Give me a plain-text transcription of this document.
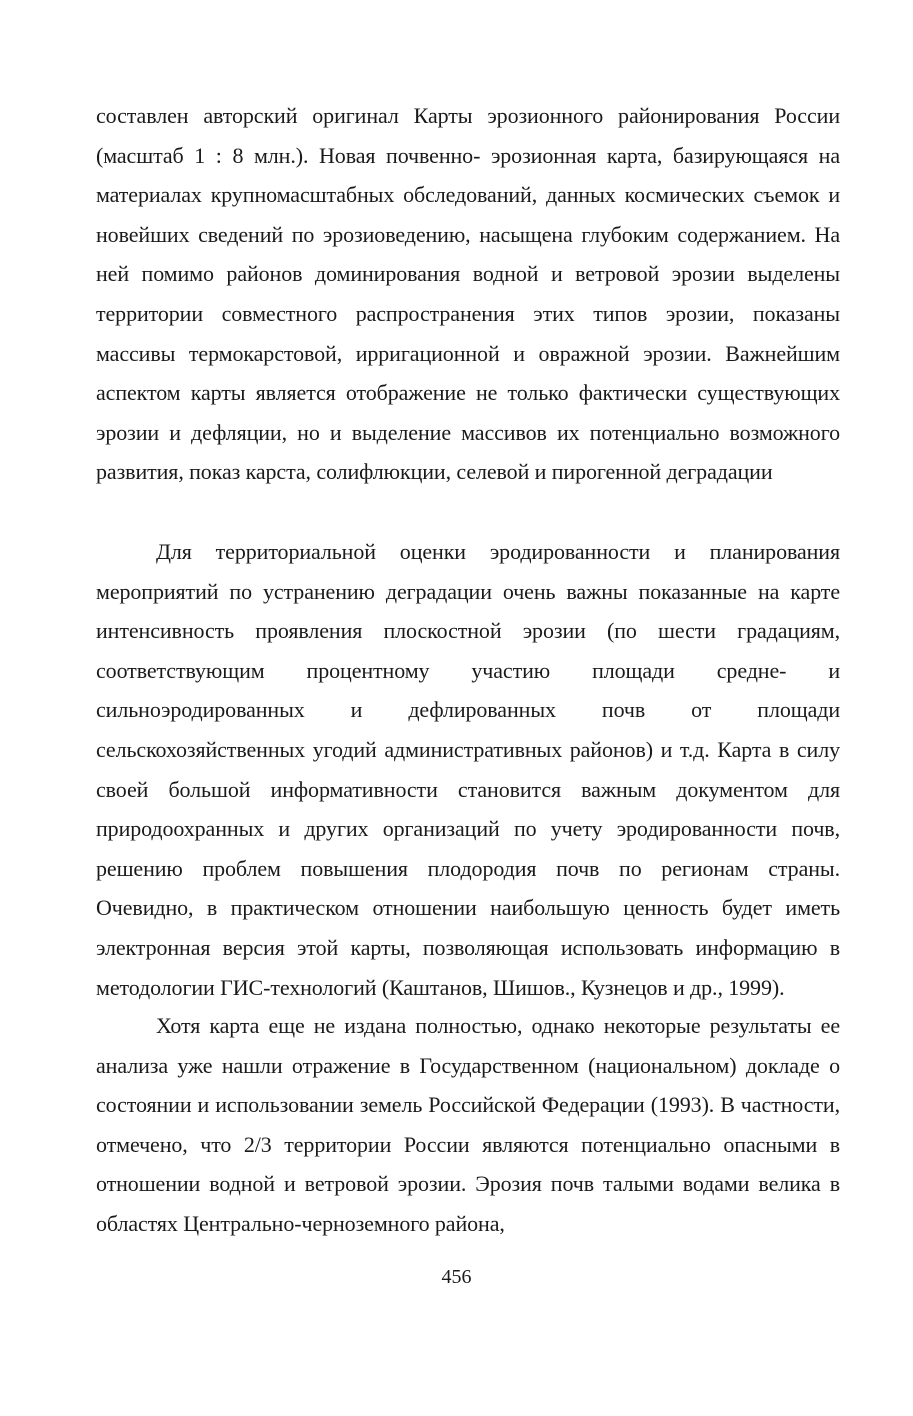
составлен авторский оригинал Карты эрозионного районирования России (масштаб 1 : 8 млн.). Новая почвенно- эрозионная карта, базирующаяся на материалах крупномасштабных обследований, данных космических съемок и новейших сведений по эрозиоведению, насыщена глубоким содержанием. На ней помимо районов доминирования водной и ветровой эрозии выделены территории совместного распространения этих типов эрозии, показаны массивы термокарстовой, ирригационной и овражной эрозии. Важнейшим аспектом карты является отображение не только фактически существующих эрозии и дефляции, но и выделение массивов их потенциально возможного развития, показ карста, солифлюкции, селевой и пирогенной деградации

Для территориальной оценки эродированности и планирования мероприятий по устранению деградации очень важны показанные на карте интенсивность проявления плоскостной эрозии (по шести градациям, соответствующим процентному участию площади средне- и сильноэродированных и дефлированных почв от площади сельскохозяйственных угодий административных районов) и т.д. Карта в силу своей большой информативности становится важным документом для природоохранных и других организаций по учету эродированности почв, решению проблем повышения плодородия почв по регионам страны. Очевидно, в практическом отношении наибольшую ценность будет иметь электронная версия этой карты, позволяющая использовать информацию в методологии ГИС-технологий (Каштанов, Шишов., Кузнецов и др., 1999).

Хотя карта еще не издана полностью, однако некоторые результаты ее анализа уже нашли отражение в Государственном (национальном) докладе о состоянии и использовании земель Российской Федерации (1993). В частности, отмечено, что 2/3 территории России являются потенциально опасными в отношении водной и ветровой эрозии. Эрозия почв талыми водами велика в областях Центрально-черноземного района,

456
